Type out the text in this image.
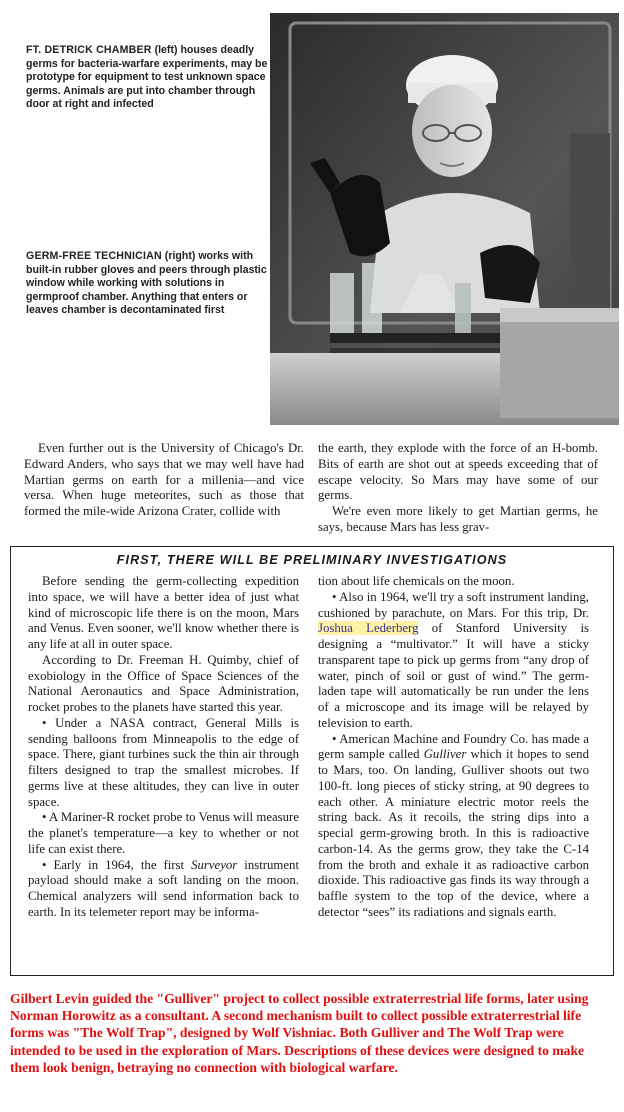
FT. DETRICK CHAMBER (left) houses deadly germs for bacteria-warfare experiments, may be prototype for equipment to test unknown space germs. Animals are put into chamber through door at right and infected
GERM-FREE TECHNICIAN (right) works with built-in rubber gloves and peers through plastic window while working with solutions in germproof chamber. Anything that enters or leaves chamber is decontaminated first

Even further out is the University of Chicago's Dr. Edward Anders, who says that we may well have had Martian germs on earth for a millenia—and vice versa. When huge meteorites, such as those that formed the mile-wide Arizona Crater, collide with

the earth, they explode with the force of an H-bomb. Bits of earth are shot out at speeds exceeding that of escape velocity. So Mars may have some of our germs.

We're even more likely to get Martian germs, he says, because Mars has less grav-

FIRST, THERE WILL BE PRELIMINARY INVESTIGATIONS

Before sending the germ-collecting expedition into space, we will have a better idea of just what kind of microscopic life there is on the moon, Mars and Venus. Even sooner, we'll know whether there is any life at all in outer space.

According to Dr. Freeman H. Quimby, chief of exobiology in the Office of Space Sciences of the National Aeronautics and Space Administration, rocket probes to the planets have started this year.

• Under a NASA contract, General Mills is sending balloons from Minneapolis to the edge of space. There, giant turbines suck the thin air through filters designed to trap the smallest microbes. If germs live at these altitudes, they can live in outer space.

• A Mariner-R rocket probe to Venus will measure the planet's temperature—a key to whether or not life can exist there.

• Early in 1964, the first Surveyor instrument payload should make a soft landing on the moon. Chemical analyzers will send information back to earth. In its telemeter report may be informa-

tion about life chemicals on the moon.

• Also in 1964, we'll try a soft instrument landing, cushioned by parachute, on Mars. For this trip, Dr. Joshua Lederberg of Stanford University is designing a “multivator.” It will have a sticky transparent tape to pick up germs from “any drop of water, pinch of soil or gust of wind.” The germ-laden tape will automatically be run under the lens of a microscope and its image will be relayed by television to earth.

• American Machine and Foundry Co. has made a germ sample called Gulliver which it hopes to send to Mars, too. On landing, Gulliver shoots out two 100-ft. long pieces of sticky string, at 90 degrees to each other. A miniature electric motor reels the string back. As it recoils, the string dips into a special germ-growing broth. In this is radioactive carbon-14. As the germs grow, they take the C-14 from the broth and exhale it as radioactive carbon dioxide. This radioactive gas finds its way through a baffle system to the top of the device, where a detector “sees” its radiations and signals earth.

Gilbert Levin guided the "Gulliver" project to collect possible extraterrestrial life forms, later using Norman Horowitz as a consultant. A second mechanism built to collect possible extraterrestrial life forms was "The Wolf Trap", designed by Wolf Vishniac. Both Gulliver and The Wolf Trap were intended to be used in the exploration of Mars. Descriptions of these devices were designed to make them look benign, betraying no connection with biological warfare.
